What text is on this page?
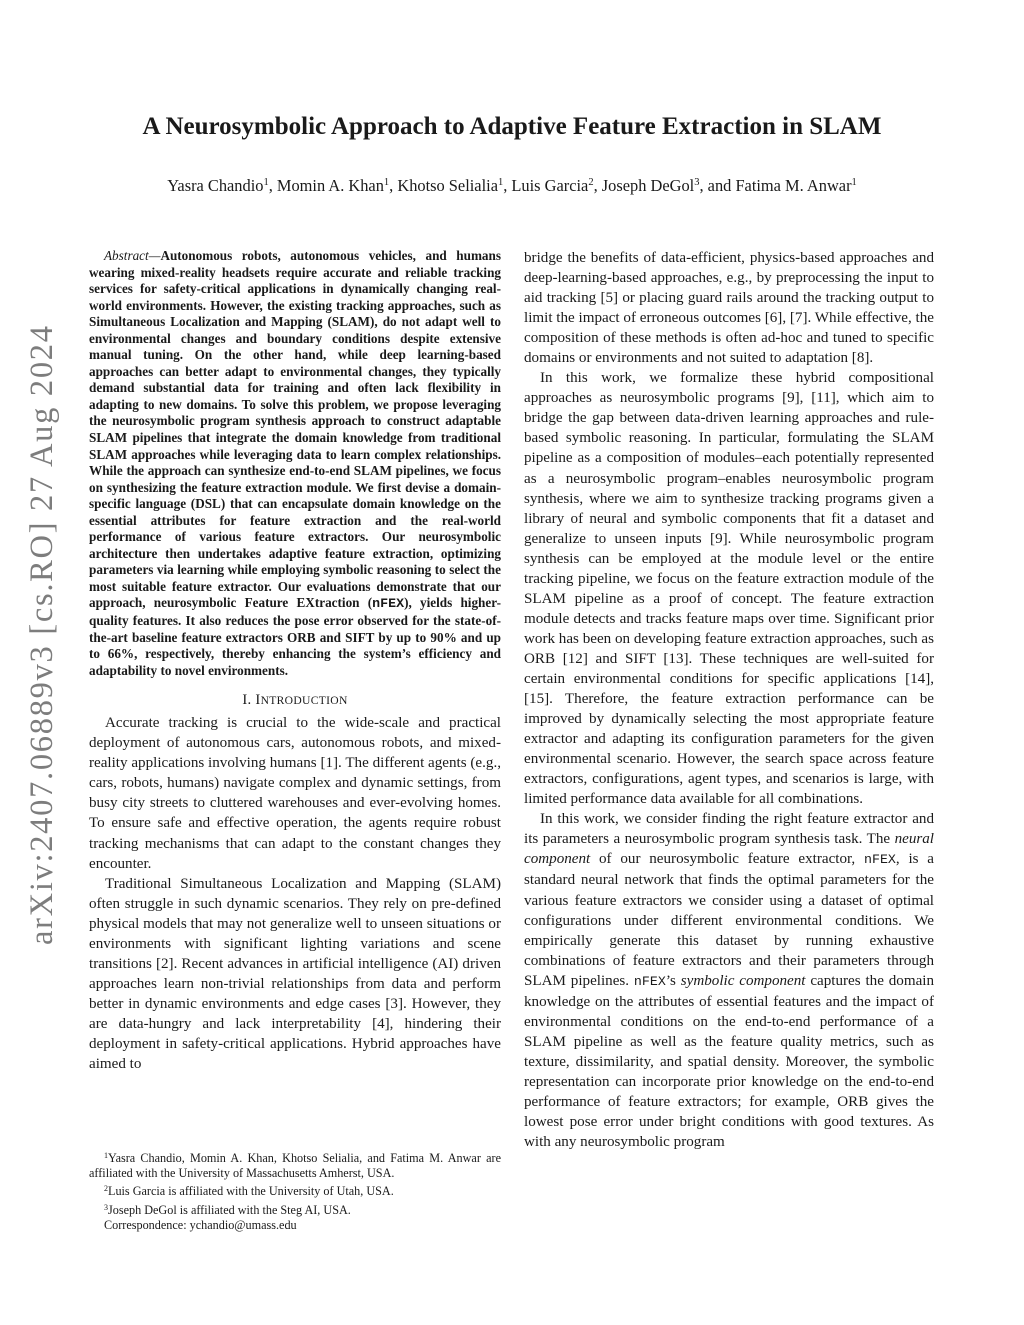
arXiv:2407.06889v3 [cs.RO] 27 Aug 2024
A Neurosymbolic Approach to Adaptive Feature Extraction in SLAM
Yasra Chandio$^1$, Momin A. Khan$^1$, Khotso Selialia$^1$, Luis Garcia$^2$, Joseph DeGol$^3$, and Fatima M. Anwar$^1$

Abstract—Autonomous robots, autonomous vehicles, and humans wearing mixed-reality headsets require accurate and reliable tracking services for safety-critical applications in dynamically changing real-world environments. However, the existing tracking approaches, such as Simultaneous Localization and Mapping (SLAM), do not adapt well to environmental changes and boundary conditions despite extensive manual tuning. On the other hand, while deep learning-based approaches can better adapt to environmental changes, they typically demand substantial data for training and often lack flexibility in adapting to new domains. To solve this problem, we propose leveraging the neurosymbolic program synthesis approach to construct adaptable SLAM pipelines that integrate the domain knowledge from traditional SLAM approaches while leveraging data to learn complex relationships. While the approach can synthesize end-to-end SLAM pipelines, we focus on synthesizing the feature extraction module. We first devise a domain-specific language (DSL) that can encapsulate domain knowledge on the essential attributes for feature extraction and the real-world performance of various feature extractors. Our neurosymbolic architecture then undertakes adaptive feature extraction, optimizing parameters via learning while employing symbolic reasoning to select the most suitable feature extractor. Our evaluations demonstrate that our approach, neurosymbolic Feature EXtraction (nFEX), yields higher-quality features. It also reduces the pose error observed for the state-of-the-art baseline feature extractors ORB and SIFT by up to 90% and up to 66%, respectively, thereby enhancing the system’s efficiency and adaptability to novel environments.

I. INTRODUCTION

Accurate tracking is crucial to the wide-scale and practical deployment of autonomous cars, autonomous robots, and mixed-reality applications involving humans [1]. The different agents (e.g., cars, robots, humans) navigate complex and dynamic settings, from busy city streets to cluttered warehouses and ever-evolving homes. To ensure safe and effective operation, the agents require robust tracking mechanisms that can adapt to the constant changes they encounter.

Traditional Simultaneous Localization and Mapping (SLAM) often struggle in such dynamic scenarios. They rely on pre-defined physical models that may not generalize well to unseen situations or environments with significant lighting variations and scene transitions [2]. Recent advances in artificial intelligence (AI) driven approaches learn non-trivial relationships from data and perform better in dynamic environments and edge cases [3]. However, they are data-hungry and lack interpretability [4], hindering their deployment in safety-critical applications. Hybrid approaches have aimed to

$^1$Yasra Chandio, Momin A. Khan, Khotso Selialia, and Fatima M. Anwar are affiliated with the University of Massachusetts Amherst, USA.

$^2$Luis Garcia is affiliated with the University of Utah, USA.

$^3$Joseph DeGol is affiliated with the Steg AI, USA.

Correspondence: ychandio@umass.edu

bridge the benefits of data-efficient, physics-based approaches and deep-learning-based approaches, e.g., by preprocessing the input to aid tracking [5] or placing guard rails around the tracking output to limit the impact of erroneous outcomes [6], [7]. While effective, the composition of these methods is often ad-hoc and tuned to specific domains or environments and not suited to adaptation [8].

In this work, we formalize these hybrid compositional approaches as neurosymbolic programs [9], [11], which aim to bridge the gap between data-driven learning approaches and rule-based symbolic reasoning. In particular, formulating the SLAM pipeline as a composition of modules–each potentially represented as a neurosymbolic program–enables neurosymbolic program synthesis, where we aim to synthesize tracking programs given a library of neural and symbolic components that fit a dataset and generalize to unseen inputs [9]. While neurosymbolic program synthesis can be employed at the module level or the entire tracking pipeline, we focus on the feature extraction module of the SLAM pipeline as a proof of concept. The feature extraction module detects and tracks feature maps over time. Significant prior work has been on developing feature extraction approaches, such as ORB [12] and SIFT [13]. These techniques are well-suited for certain environmental conditions for specific applications [14], [15]. Therefore, the feature extraction performance can be improved by dynamically selecting the most appropriate feature extractor and adapting its configuration parameters for the given environmental scenario. However, the search space across feature extractors, configurations, agent types, and scenarios is large, with limited performance data available for all combinations.

In this work, we consider finding the right feature extractor and its parameters a neurosymbolic program synthesis task. The neural component of our neurosymbolic feature extractor, nFEX, is a standard neural network that finds the optimal parameters for the various feature extractors we consider using a dataset of optimal configurations under different environmental conditions. We empirically generate this dataset by running exhaustive combinations of feature extractors and their parameters through SLAM pipelines. nFEX’s symbolic component captures the domain knowledge on the attributes of essential features and the impact of environmental conditions on the end-to-end performance of a SLAM pipeline as well as the feature quality metrics, such as texture, dissimilarity, and spatial density. Moreover, the symbolic representation can incorporate prior knowledge on the end-to-end performance of feature extractors; for example, ORB gives the lowest pose error under bright conditions with good textures. As with any neurosymbolic program
